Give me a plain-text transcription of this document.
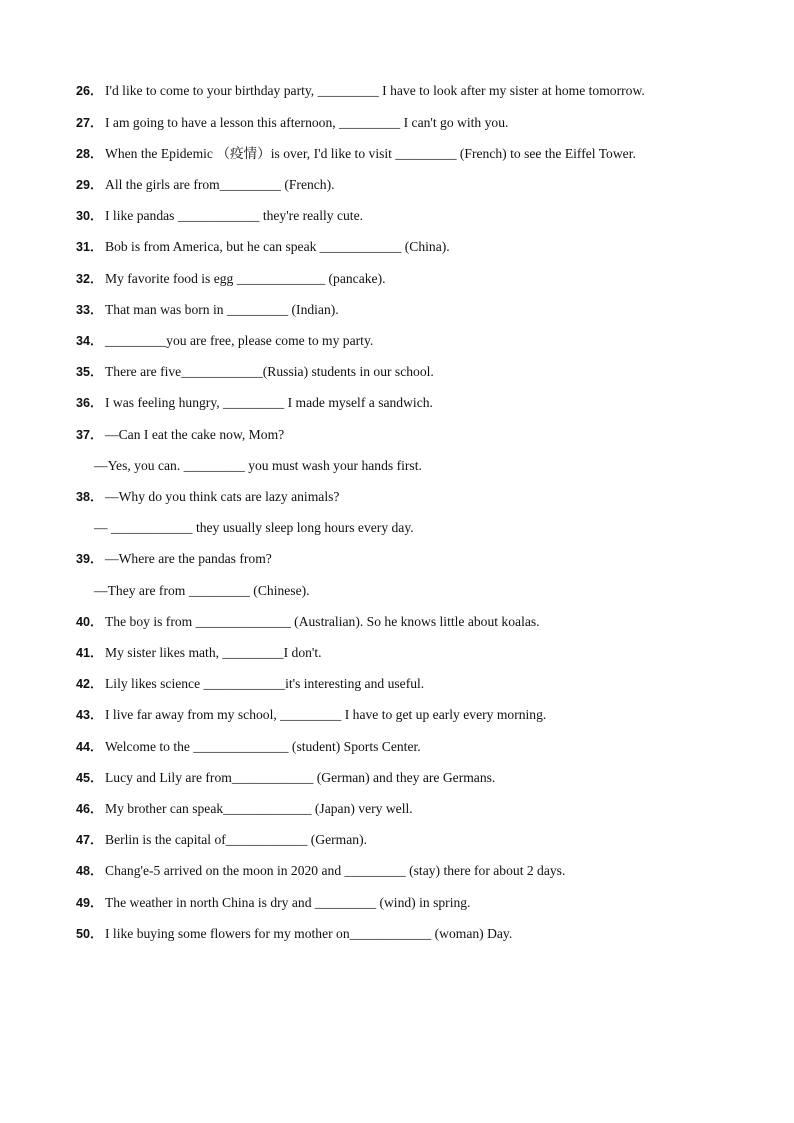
26． I'd like to come to your birthday party, _________ I have to look after my sister at home tomorrow.
27． I am going to have a lesson this afternoon, _________ I can't go with you.
28． When the Epidemic （疫情）is over, I'd like to visit _________ (French) to see the Eiffel Tower.
29． All the girls are from_________ (French).
30． I like pandas ____________ they're really cute.
31． Bob is from America, but he can speak ____________ (China).
32． My favorite food is egg _____________ (pancake).
33． That man was born in _________ (Indian).
34． _________you are free, please come to my party.
35． There are five____________(Russia) students in our school.
36． I was feeling hungry, _________ I made myself a sandwich.
37． —Can I eat the cake now, Mom?
—Yes, you can. _________ you must wash your hands first.
38． —Why do you think cats are lazy animals?
— ____________ they usually sleep long hours every day.
39． —Where are the pandas from?
—They are from _________ (Chinese).
40． The boy is from ______________ (Australian). So he knows little about koalas.
41． My sister likes math, _________I don't.
42． Lily likes science ____________it's interesting and useful.
43． I live far away from my school, _________ I have to get up early every morning.
44． Welcome to the ______________ (student) Sports Center.
45． Lucy and Lily are from____________ (German) and they are Germans.
46． My brother can speak_____________ (Japan) very well.
47． Berlin is the capital of____________ (German).
48． Chang'e-5 arrived on the moon in 2020 and _________ (stay) there for about 2 days.
49． The weather in north China is dry and _________ (wind) in spring.
50． I like buying some flowers for my mother on____________ (woman) Day.
